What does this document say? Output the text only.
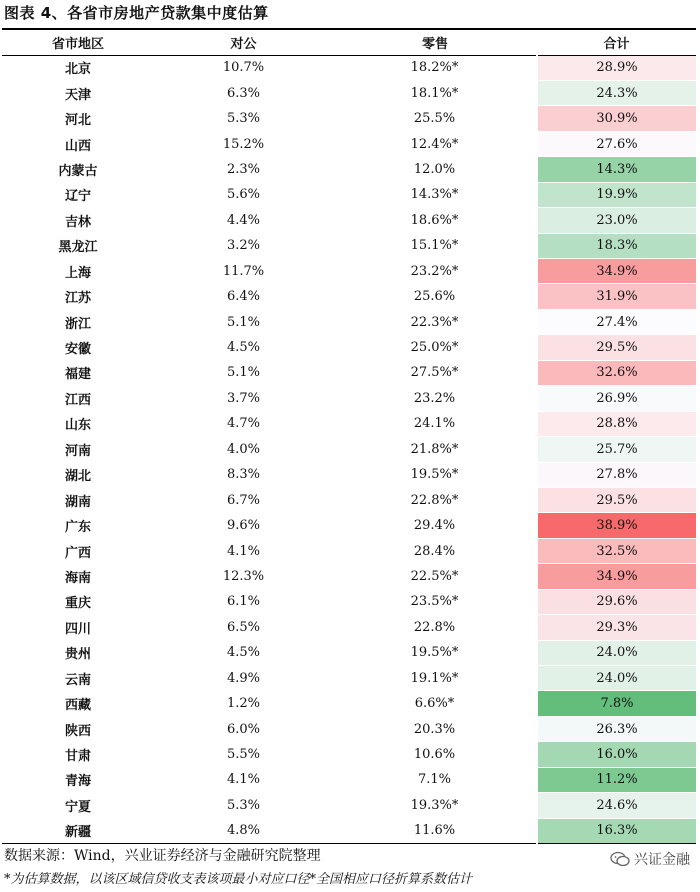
图表 4、各省市房地产贷款集中度估算
省市地区	对公	零售	合计
北京	10.7%	18.2%*	28.9%
天津	6.3%	18.1%*	24.3%
河北	5.3%	25.5%	30.9%
山西	15.2%	12.4%*	27.6%
内蒙古	2.3%	12.0%	14.3%
辽宁	5.6%	14.3%*	19.9%
吉林	4.4%	18.6%*	23.0%
黑龙江	3.2%	15.1%*	18.3%
上海	11.7%	23.2%*	34.9%
江苏	6.4%	25.6%	31.9%
浙江	5.1%	22.3%*	27.4%
安徽	4.5%	25.0%*	29.5%
福建	5.1%	27.5%*	32.6%
江西	3.7%	23.2%	26.9%
山东	4.7%	24.1%	28.8%
河南	4.0%	21.8%*	25.7%
湖北	8.3%	19.5%*	27.8%
湖南	6.7%	22.8%*	29.5%
广东	9.6%	29.4%	38.9%
广西	4.1%	28.4%	32.5%
海南	12.3%	22.5%*	34.9%
重庆	6.1%	23.5%*	29.6%
四川	6.5%	22.8%	29.3%
贵州	4.5%	19.5%*	24.0%
云南	4.9%	19.1%*	24.0%
西藏	1.2%	6.6%*	7.8%
陕西	6.0%	20.3%	26.3%
甘肃	5.5%	10.6%	16.0%
青海	4.1%	7.1%	11.2%
宁夏	5.3%	19.3%*	24.6%
新疆	4.8%	11.6%	16.3%
数据来源：Wind，兴业证券经济与金融研究院整理	兴证金融
*为估算数据，以该区域信贷收支表该项最小对应口径*全国相应口径折算系数估计
